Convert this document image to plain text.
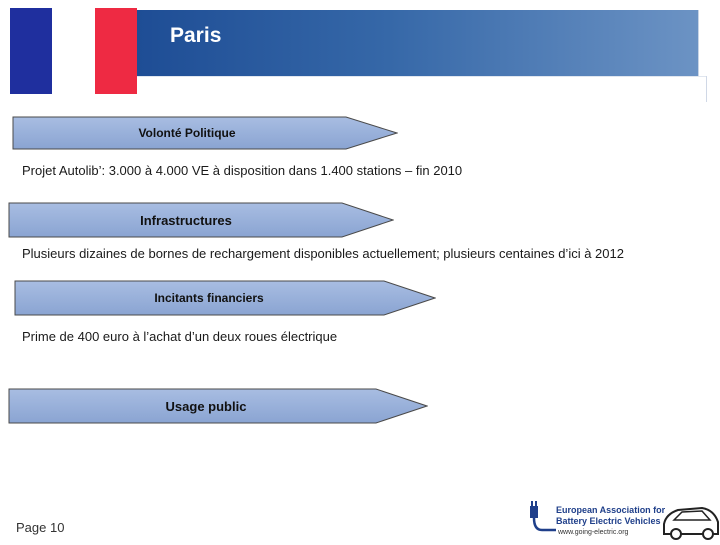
Paris
Volonté Politique
Projet Autolib’: 3.000 à 4.000 VE à disposition dans 1.400 stations – fin 2010
Infrastructures
Plusieurs dizaines de bornes de rechargement disponibles actuellement; plusieurs centaines d’ici à 2012
Incitants financiers
Prime de 400 euro à l’achat d’un deux roues électrique
Usage public
Page 10
European Association for
Battery Electric Vehicles
www.going-electric.org
